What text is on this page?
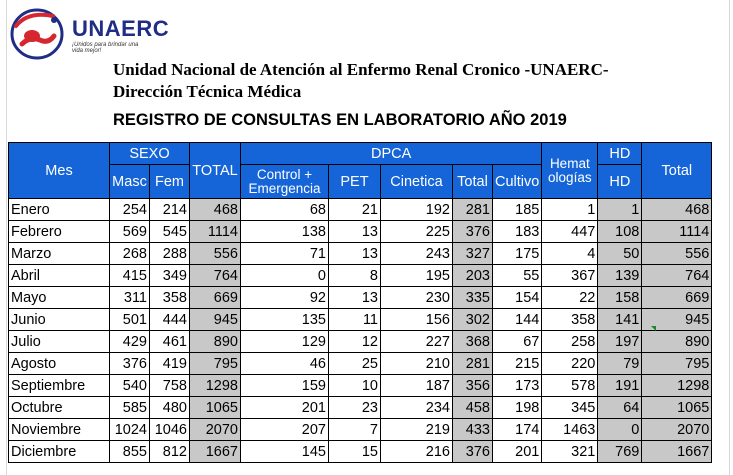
UNAERC
¡Unidos para brindar una vida mejor!
Unidad Nacional de Atención al Enfermo Renal Cronico -UNAERC-
Dirección Técnica Médica
REGISTRO DE CONSULTAS EN LABORATORIO AÑO 2019
Mes	SEXO		TOTAL	DPCA					Hemat
ologías	HD	Total
	Masc	Fem		Control +
Emergencia	PET	Cinetica	Total	Cultivo		HD	
Enero	254	214	468	68	21	192	281	185	1	1	468
Febrero	569	545	1114	138	13	225	376	183	447	108	1114
Marzo	268	288	556	71	13	243	327	175	4	50	556
Abril	415	349	764	0	8	195	203	55	367	139	764
Mayo	311	358	669	92	13	230	335	154	22	158	669
Junio	501	444	945	135	11	156	302	144	358	141	945
Julio	429	461	890	129	12	227	368	67	258	197	890
Agosto	376	419	795	46	25	210	281	215	220	79	795
Septiembre	540	758	1298	159	10	187	356	173	578	191	1298
Octubre	585	480	1065	201	23	234	458	198	345	64	1065
Noviembre	1024	1046	2070	207	7	219	433	174	1463	0	2070
Diciembre	855	812	1667	145	15	216	376	201	321	769	1667
